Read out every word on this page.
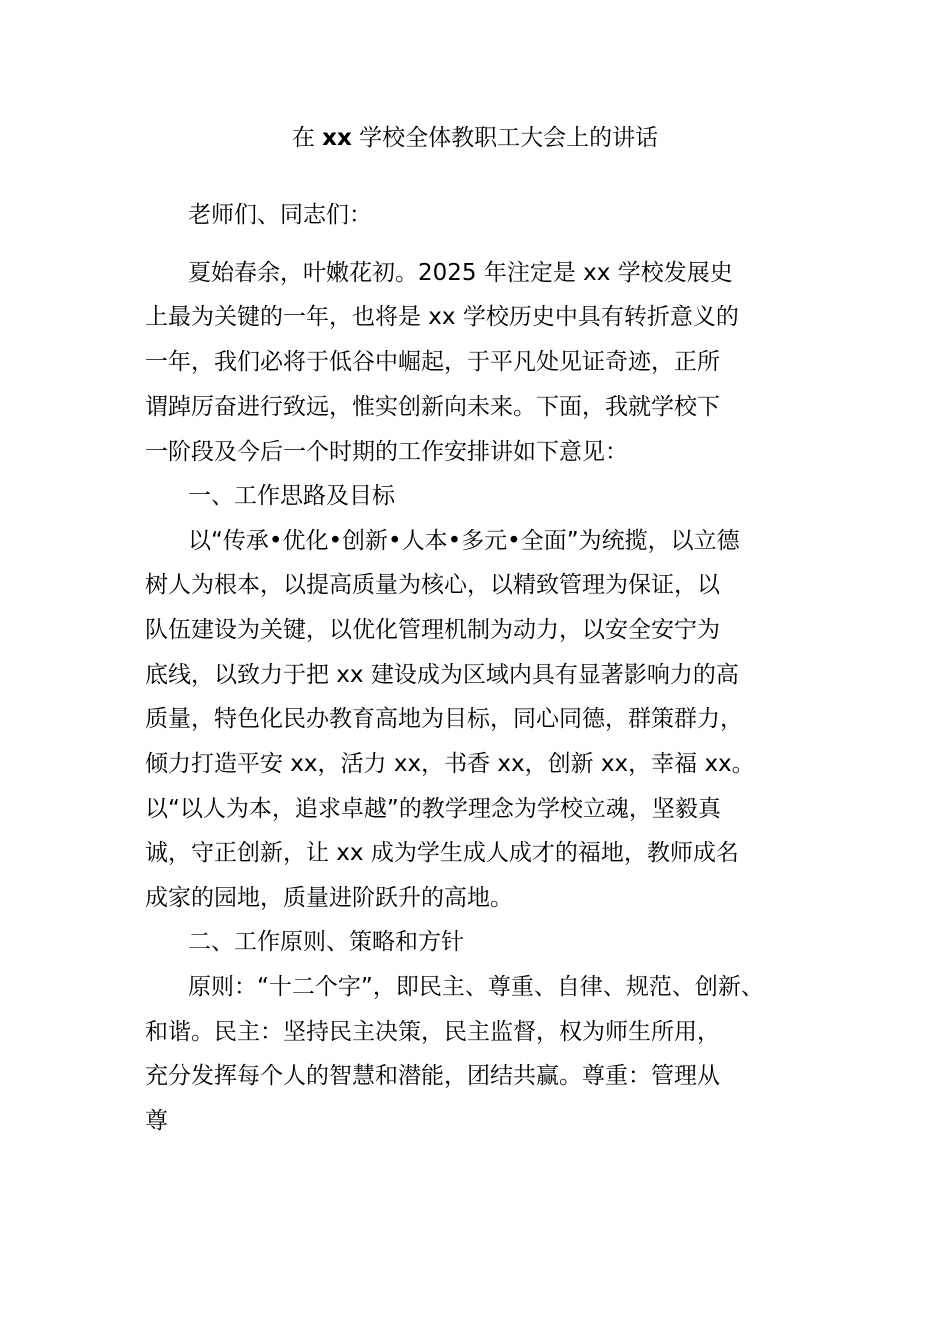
在 xx 学校全体教职工大会上的讲话
老师们、同志们：
夏始春余，叶嫩花初。2025 年注定是 xx 学校发展史
上最为关键的一年，也将是 xx 学校历史中具有转折意义的
一年，我们必将于低谷中崛起，于平凡处见证奇迹，正所
谓踔厉奋进行致远，惟实创新向未来。下面，我就学校下
一阶段及今后一个时期的工作安排讲如下意见：
一、工作思路及目标
以“传承•优化•创新•人本•多元•全面”为统揽，以立德
树人为根本，以提高质量为核心，以精致管理为保证，以
队伍建设为关键，以优化管理机制为动力，以安全安宁为
底线，以致力于把 xx 建设成为区域内具有显著影响力的高
质量，特色化民办教育高地为目标，同心同德，群策群力，
倾力打造平安 xx，活力 xx，书香 xx，创新 xx，幸福 xx。
以“以人为本，追求卓越”的教学理念为学校立魂，坚毅真
诚，守正创新，让 xx 成为学生成人成才的福地，教师成名
成家的园地，质量进阶跃升的高地。
二、工作原则、策略和方针
原则：“十二个字”，即民主、尊重、自律、规范、创新、
和谐。民主：坚持民主决策，民主监督，权为师生所用，
充分发挥每个人的智慧和潜能，团结共赢。尊重：管理从
尊
